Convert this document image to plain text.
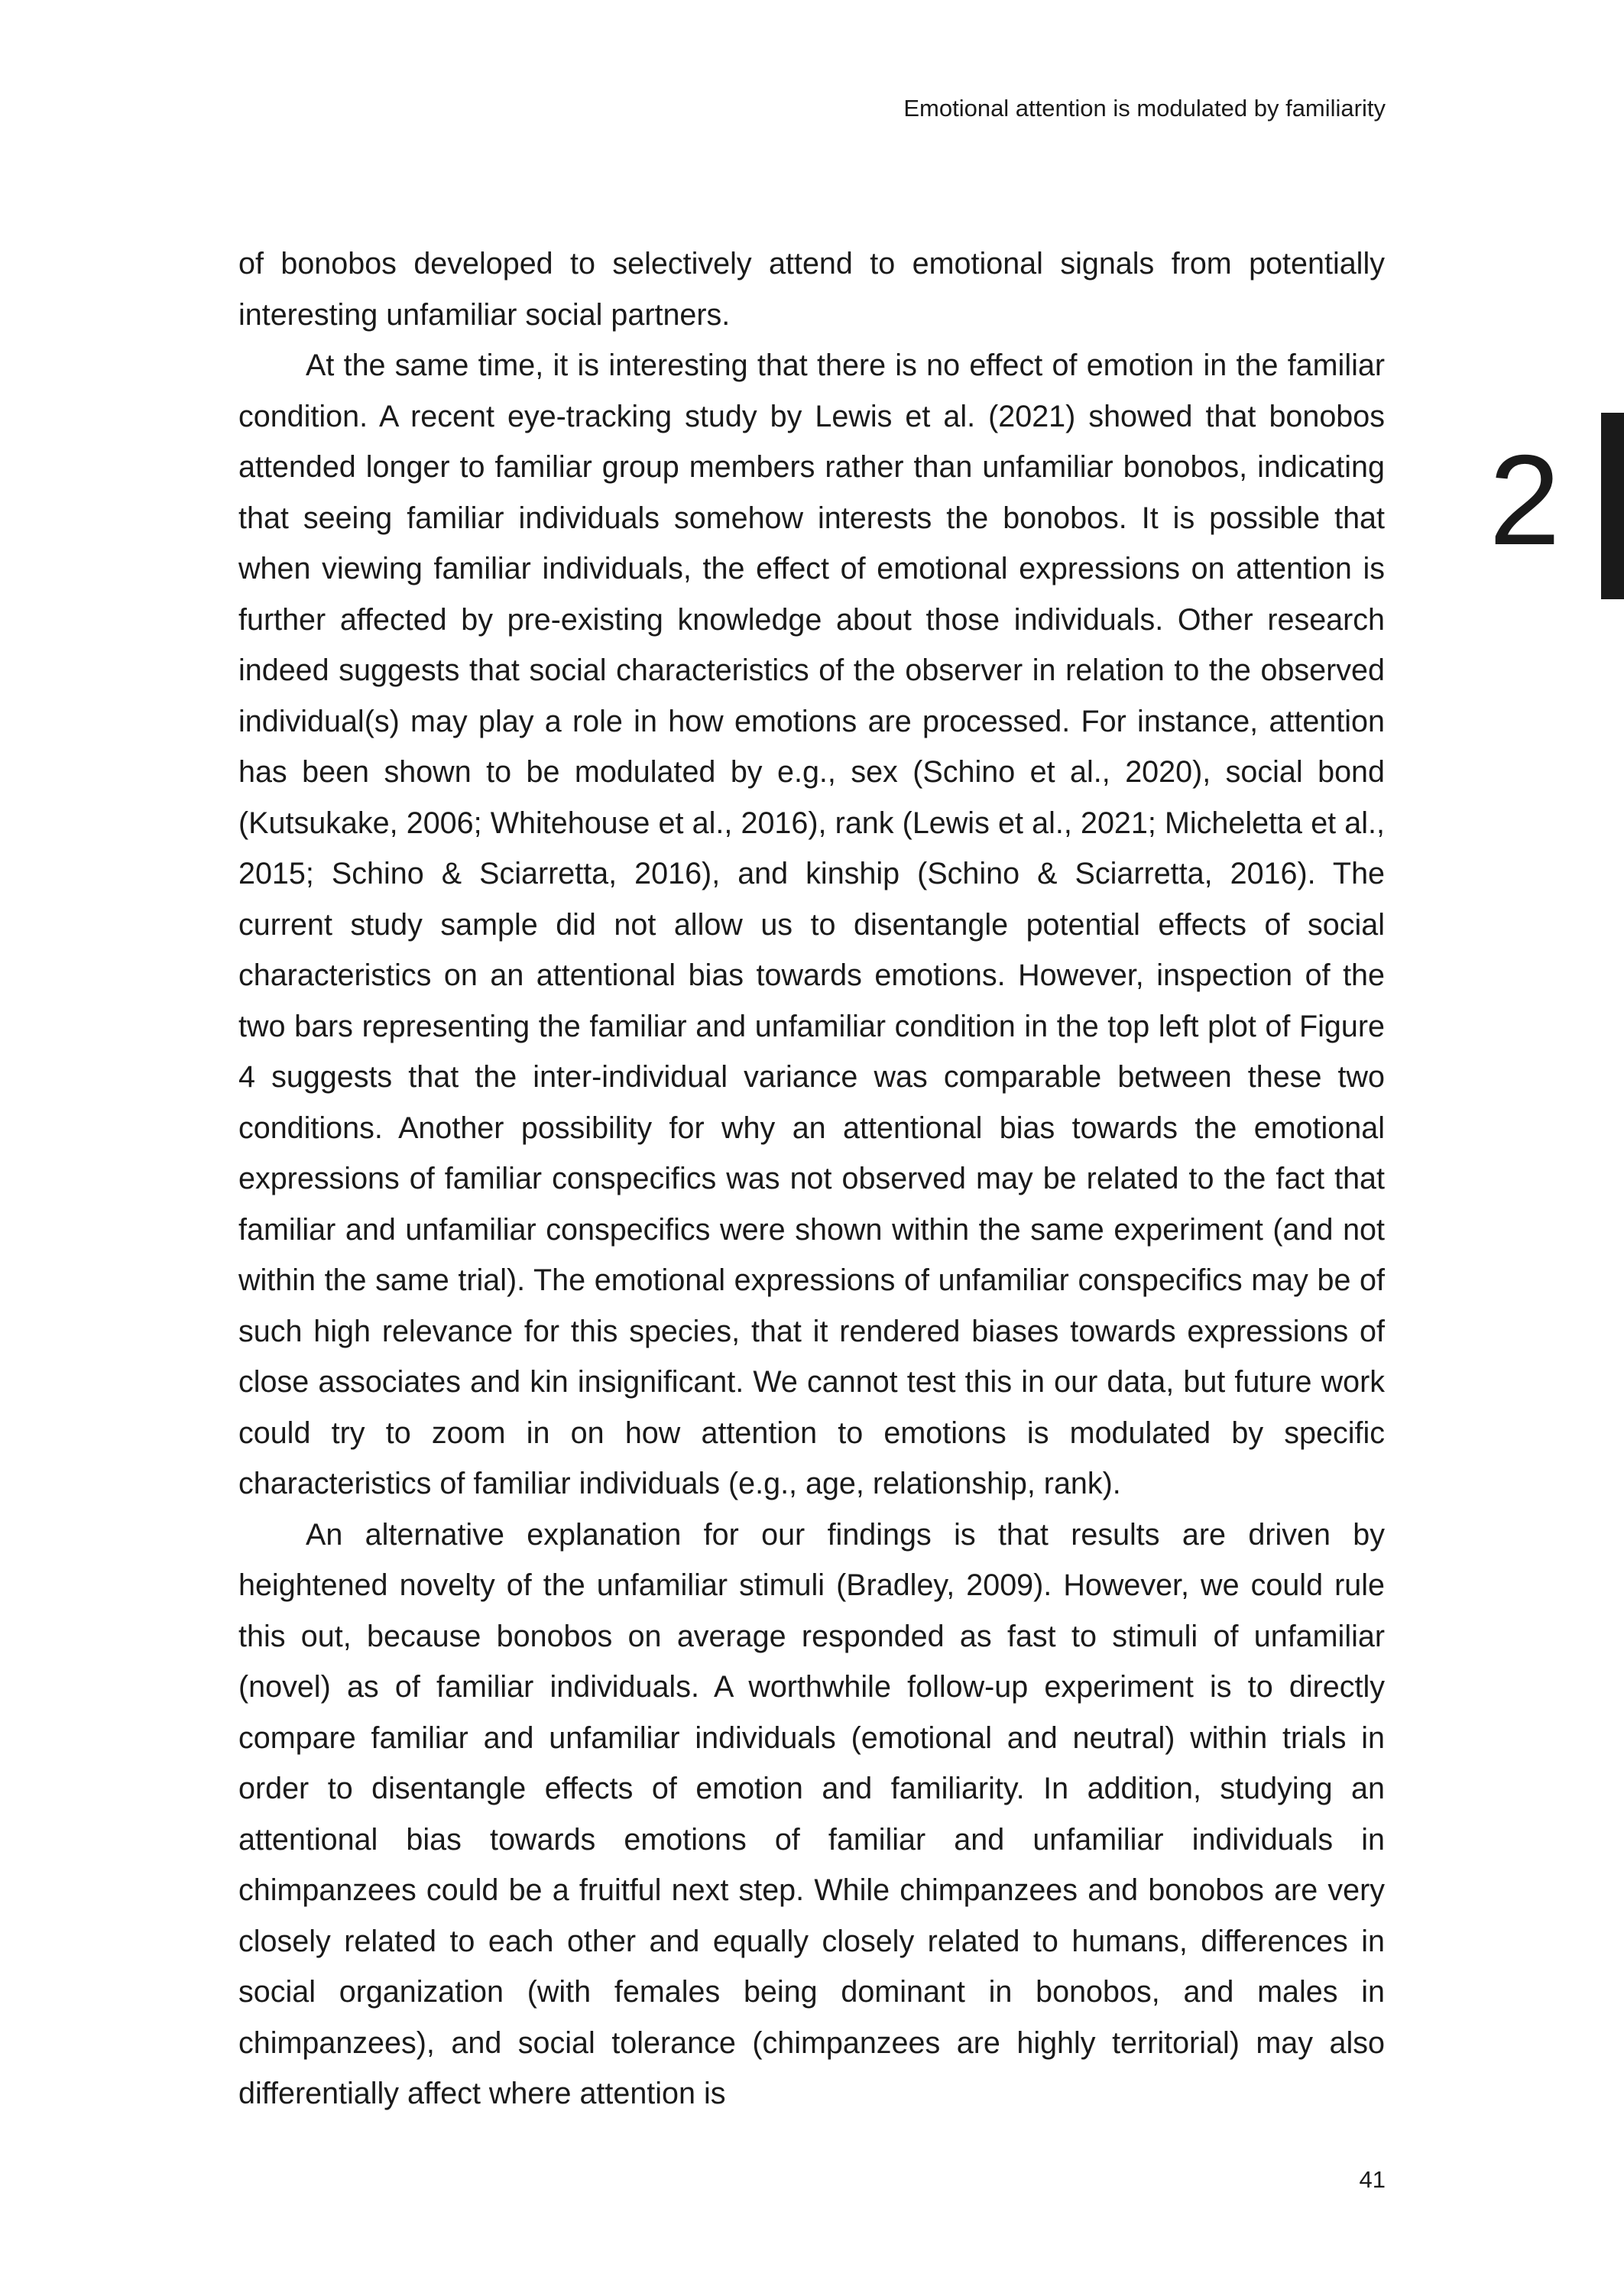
Emotional attention is modulated by familiarity
2

of bonobos developed to selectively attend to emotional signals from potentially interesting unfamiliar social partners.

At the same time, it is interesting that there is no effect of emotion in the familiar condition. A recent eye-tracking study by Lewis et al. (2021) showed that bonobos attended longer to familiar group members rather than unfamiliar bonobos, indicating that seeing familiar individuals somehow interests the bonobos. It is possible that when viewing familiar individuals, the effect of emotional expressions on attention is further affected by pre-existing knowledge about those individuals. Other research indeed suggests that social characteristics of the observer in relation to the observed individual(s) may play a role in how emotions are processed. For instance, attention has been shown to be modulated by e.g., sex (Schino et al., 2020), social bond (Kutsukake, 2006; Whitehouse et al., 2016), rank (Lewis et al., 2021; Micheletta et al., 2015; Schino & Sciarretta, 2016), and kinship (Schino & Sciarretta, 2016). The current study sample did not allow us to disentangle potential effects of social characteristics on an attentional bias towards emotions. However, inspection of the two bars representing the familiar and unfamiliar condition in the top left plot of Figure 4 suggests that the inter-individual variance was comparable between these two conditions. Another possibility for why an attentional bias towards the emotional expressions of familiar conspecifics was not observed may be related to the fact that familiar and unfamiliar conspecifics were shown within the same experiment (and not within the same trial). The emotional expressions of unfamiliar conspecifics may be of such high relevance for this species, that it rendered biases towards expressions of close associates and kin insignificant. We cannot test this in our data, but future work could try to zoom in on how attention to emotions is modulated by specific characteristics of familiar individuals (e.g., age, relationship, rank).

An alternative explanation for our findings is that results are driven by heightened novelty of the unfamiliar stimuli (Bradley, 2009). However, we could rule this out, because bonobos on average responded as fast to stimuli of unfamiliar (novel) as of familiar individuals. A worthwhile follow-up experiment is to directly compare familiar and unfamiliar individuals (emotional and neutral) within trials in order to disentangle effects of emotion and familiarity. In addition, studying an attentional bias towards emotions of familiar and unfamiliar individuals in chimpanzees could be a fruitful next step. While chimpanzees and bonobos are very closely related to each other and equally closely related to humans, differences in social organization (with females being dominant in bonobos, and males in chimpanzees), and social tolerance (chimpanzees are highly territorial) may also differentially affect where attention is

41
